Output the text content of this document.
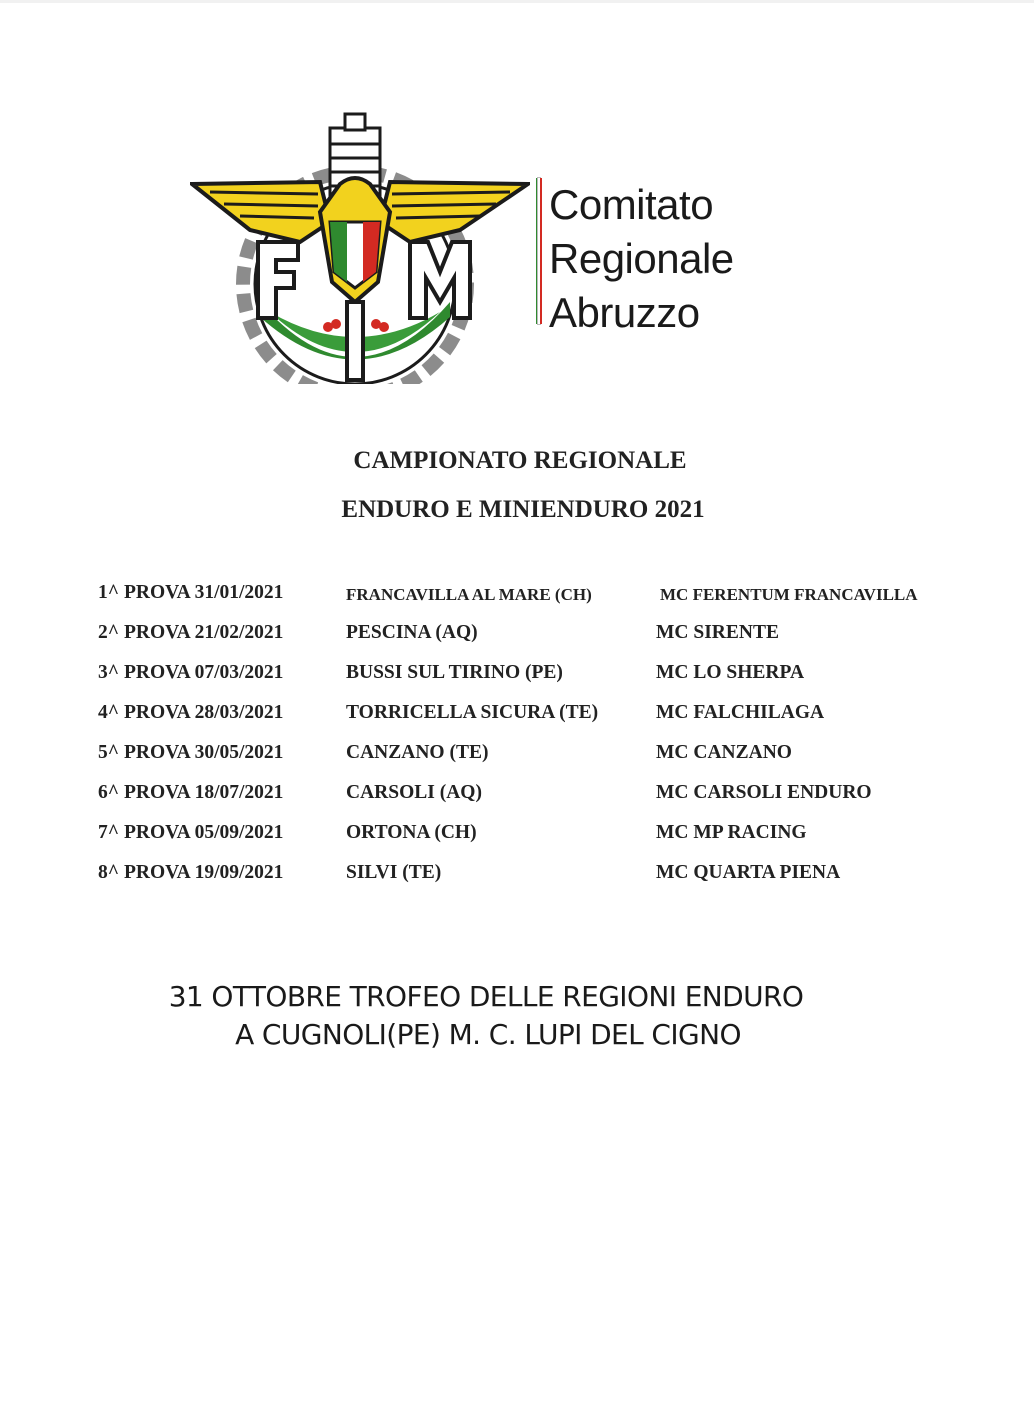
Comitato
Regionale
Abruzzo
CAMPIONATO REGIONALE
ENDURO E MINIENDURO 2021
1^ PROVA 31/01/2021	FRANCAVILLA AL MARE (CH)	MC FERENTUM FRANCAVILLA
2^ PROVA 21/02/2021	PESCINA (AQ)	MC SIRENTE
3^ PROVA 07/03/2021	BUSSI SUL TIRINO (PE)	MC LO SHERPA
4^ PROVA 28/03/2021	TORRICELLA SICURA (TE)	MC FALCHILAGA
5^ PROVA 30/05/2021	CANZANO (TE)	MC CANZANO
6^ PROVA 18/07/2021	CARSOLI (AQ)	MC CARSOLI ENDURO
7^ PROVA 05/09/2021	ORTONA (CH)	MC MP RACING
8^ PROVA 19/09/2021	SILVI (TE)	MC QUARTA PIENA
31 OTTOBRE TROFEO DELLE REGIONI ENDURO
A CUGNOLI(PE) M. C. LUPI DEL CIGNO
